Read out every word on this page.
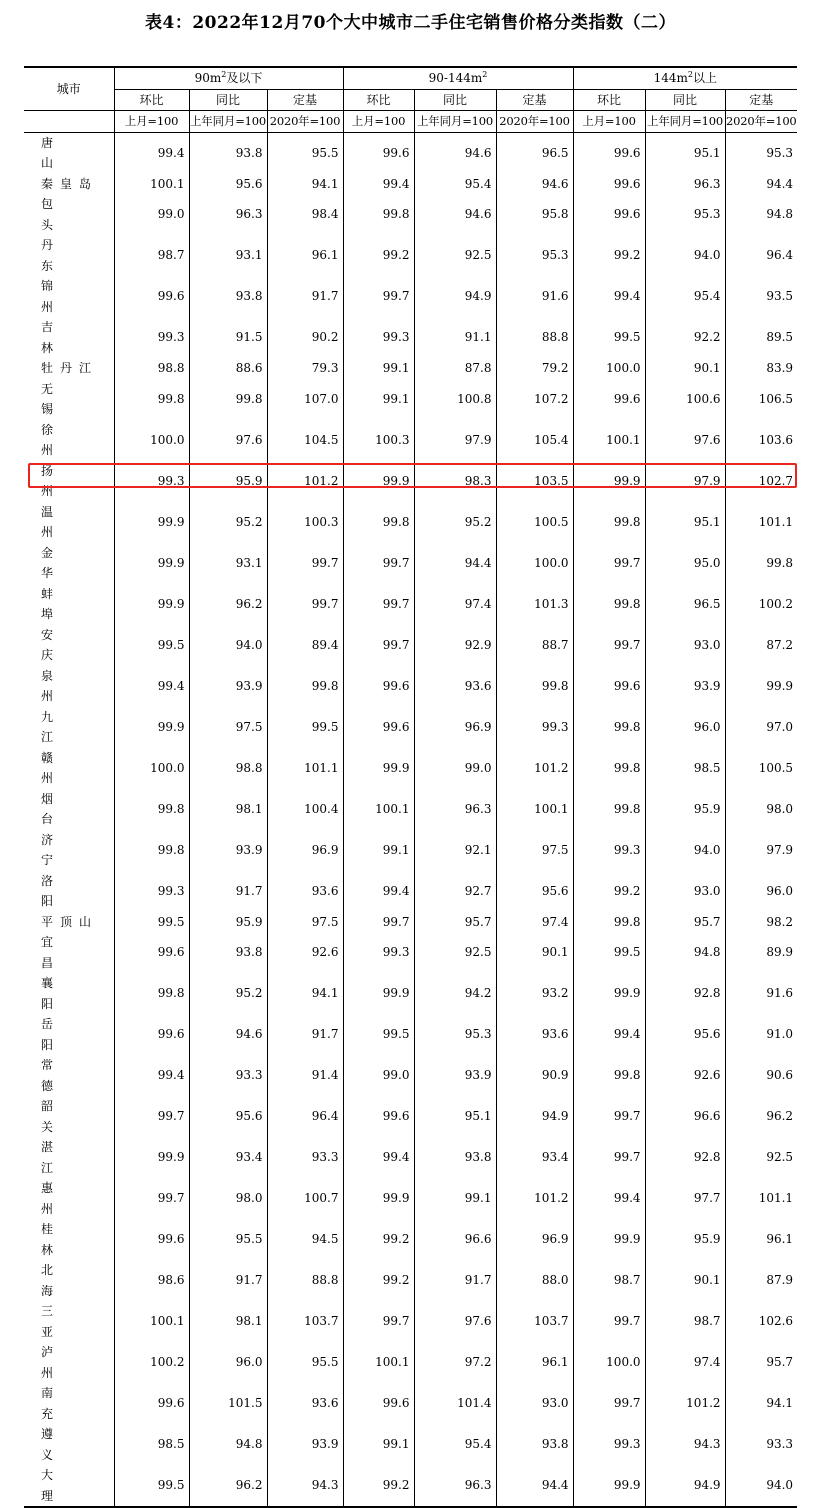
表4：2022年12月70个大中城市二手住宅销售价格分类指数（二）
城市	$90m^2$及以下			$90-144m^2$			$144m^2$以上		
	环比	同比	定基	环比	同比	定基	环比	同比	定基
	上月=100	上年同月=100	2020年=100	上月=100	上年同月=100	2020年=100	上月=100	上年同月=100	2020年=100
唐山	99.4	93.8	95.5	99.6	94.6	96.5	99.6	95.1	95.3
秦皇岛	100.1	95.6	94.1	99.4	95.4	94.6	99.6	96.3	94.4
包头	99.0	96.3	98.4	99.8	94.6	95.8	99.6	95.3	94.8
丹东	98.7	93.1	96.1	99.2	92.5	95.3	99.2	94.0	96.4
锦州	99.6	93.8	91.7	99.7	94.9	91.6	99.4	95.4	93.5
吉林	99.3	91.5	90.2	99.3	91.1	88.8	99.5	92.2	89.5
牡丹江	98.8	88.6	79.3	99.1	87.8	79.2	100.0	90.1	83.9
无锡	99.8	99.8	107.0	99.1	100.8	107.2	99.6	100.6	106.5
徐州	100.0	97.6	104.5	100.3	97.9	105.4	100.1	97.6	103.6
扬州	99.3	95.9	101.2	99.9	98.3	103.5	99.9	97.9	102.7
温州	99.9	95.2	100.3	99.8	95.2	100.5	99.8	95.1	101.1
金华	99.9	93.1	99.7	99.7	94.4	100.0	99.7	95.0	99.8
蚌埠	99.9	96.2	99.7	99.7	97.4	101.3	99.8	96.5	100.2
安庆	99.5	94.0	89.4	99.7	92.9	88.7	99.7	93.0	87.2
泉州	99.4	93.9	99.8	99.6	93.6	99.8	99.6	93.9	99.9
九江	99.9	97.5	99.5	99.6	96.9	99.3	99.8	96.0	97.0
赣州	100.0	98.8	101.1	99.9	99.0	101.2	99.8	98.5	100.5
烟台	99.8	98.1	100.4	100.1	96.3	100.1	99.8	95.9	98.0
济宁	99.8	93.9	96.9	99.1	92.1	97.5	99.3	94.0	97.9
洛阳	99.3	91.7	93.6	99.4	92.7	95.6	99.2	93.0	96.0
平顶山	99.5	95.9	97.5	99.7	95.7	97.4	99.8	95.7	98.2
宜昌	99.6	93.8	92.6	99.3	92.5	90.1	99.5	94.8	89.9
襄阳	99.8	95.2	94.1	99.9	94.2	93.2	99.9	92.8	91.6
岳阳	99.6	94.6	91.7	99.5	95.3	93.6	99.4	95.6	91.0
常德	99.4	93.3	91.4	99.0	93.9	90.9	99.8	92.6	90.6
韶关	99.7	95.6	96.4	99.6	95.1	94.9	99.7	96.6	96.2
湛江	99.9	93.4	93.3	99.4	93.8	93.4	99.7	92.8	92.5
惠州	99.7	98.0	100.7	99.9	99.1	101.2	99.4	97.7	101.1
桂林	99.6	95.5	94.5	99.2	96.6	96.9	99.9	95.9	96.1
北海	98.6	91.7	88.8	99.2	91.7	88.0	98.7	90.1	87.9
三亚	100.1	98.1	103.7	99.7	97.6	103.7	99.7	98.7	102.6
泸州	100.2	96.0	95.5	100.1	97.2	96.1	100.0	97.4	95.7
南充	99.6	101.5	93.6	99.6	101.4	93.0	99.7	101.2	94.1
遵义	98.5	94.8	93.9	99.1	95.4	93.8	99.3	94.3	93.3
大理	99.5	96.2	94.3	99.2	96.3	94.4	99.9	94.9	94.0
